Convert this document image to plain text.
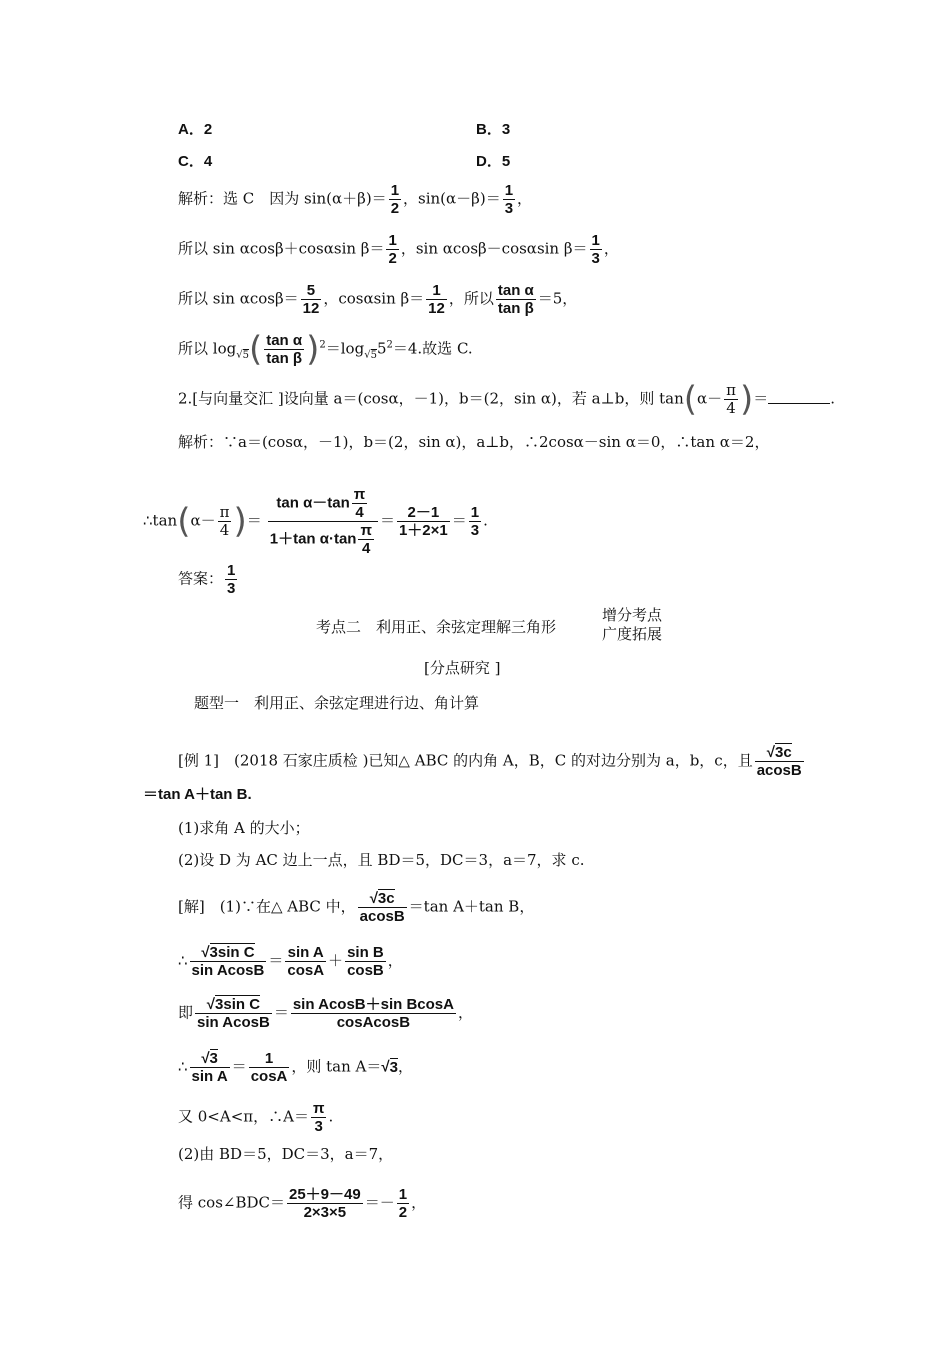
A．2	B．3
C．4	D．5
解析：选 C　因为 $\sin(\alpha+\beta)= \frac{1}{2}$ ，$\sin(\alpha-\beta)= \frac{1}{3}$ ，
所以 sin αcosβ＋cosαsin $\beta= \frac{1}{2}$ ，sin αcosβ－cosαsin $\beta= \frac{1}{3}$ ，
所以 $\sin \alpha\cos\beta= \frac{5}{12}$ ，cosαsin $\beta= \frac{1}{12}$ ，所以 $\frac{\text{tan α}}{\text{tan β}} =5$，
所以 $\log_{√5}( \frac{\text{tan α}}{\text{tan β}} )^2=\log_{√5}5^2=4$.故选 C.
2.[与向量交汇 ]设向量 a＝(cosα，－1)，b＝(2，sin α)，若 a⊥b，则 $\tan(\alpha- \frac{\pi}{4}$ )＝	.
解析：∵a＝(cosα，－1)，b＝(2，sin α)，a⊥b，∴2cosα－sin α＝0，∴tan α＝2，
∴tan(α－ $\frac{\pi}{4}$ )＝ $\frac{\tan \alpha-\tan \frac{\pi}{4}}{1+\tan \alpha\cdot\tan \frac{\pi}{4}} = \frac{2-1}{1+2\times 1} = \frac{1}{3}$ .
答案： $\frac{1}{3}$
考点二　利用正、余弦定理解三角形
增分考点
广度拓展
[分点研究 ]
题型一　利用正、余弦定理进行边、角计算
[例 1]　(2018 石家庄质检 )已知△ ABC 的内角 A，B，C 的对边分别为 a，b，c，且 $\frac{√3c}{acosB}$
＝tan A＋tan B.
(1)求角 A 的大小；
(2)设 D 为 AC 边上一点，且 BD＝5，DC＝3，a＝7，求 c.
[解]　(1)∵在△ ABC 中， $\frac{√3c}{acosB} =\tan$ A＋tan B，
∴ $\frac{\text{√3sin C}}{\text{sin AcosB}} = \frac{\text{sin A}}{\cos A} + \frac{\text{sin B}}{\cos B}$ ，
即 $\frac{\text{√3sin C}}{\text{sin AcosB}} = \frac{\text{sin AcosB＋sin BcosA}}{\text{cosAcosB}}$ ，
∴ $\frac{√3}{\text{sin A}} = \frac{1}{\cos A}$ ，则 tan A＝√3，
又 0<A<π，∴A＝ $\frac{\pi}{3}$ .
(2)由 BD＝5，DC＝3，a＝7，
得 cos∠BDC＝ $\frac{25+9-49}{2\times 3\times 5} =- \frac{1}{2}$ ，
